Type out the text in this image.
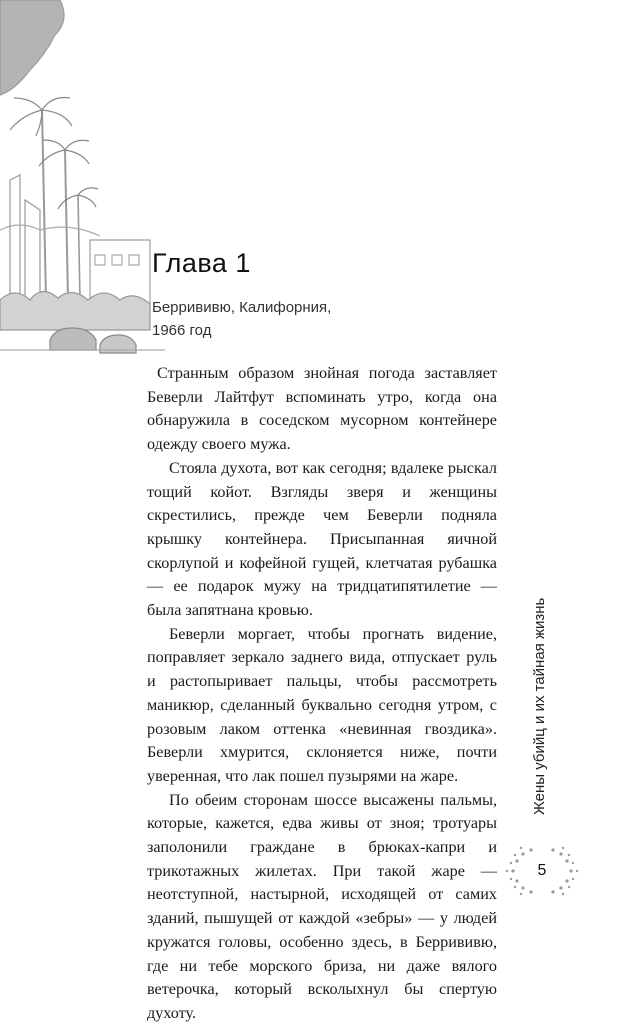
Глава 1
Беррививю, Калифорния,
1966 год

Странным образом знойная погода заставляет Беверли Лайтфут вспоминать утро, когда она обнаружила в соседском мусорном контейнере одежду своего мужа.

Стояла духота, вот как сегодня; вдалеке рыскал тощий койот. Взгляды зверя и женщины скрестились, прежде чем Беверли подняла крышку контейнера. Присыпанная яичной скорлупой и кофейной гущей, клетчатая рубашка — ее подарок мужу на тридцатипятилетие — была запятнана кровью.

Беверли моргает, чтобы прогнать видение, поправляет зеркало заднего вида, отпускает руль и растопыривает пальцы, чтобы рассмотреть маникюр, сделанный буквально сегодня утром, с розовым лаком оттенка «невинная гвоздика». Беверли хмурится, склоняется ниже, почти уверенная, что лак пошел пузырями на жаре.

По обеим сторонам шоссе высажены пальмы, которые, кажется, едва живы от зноя; тротуары заполонили граждане в брюках-капри и трикотажных жилетах. При такой жаре — неотступной, настырной, исходящей от самих зданий, пышущей от каждой «зебры» — у людей кружатся головы, особенно здесь, в Беррививю, где ни тебе морского бриза, ни даже вялого ветерочка, который всколыхнул бы спертую духоту.

Жены убийц и их тайная жизнь
5
